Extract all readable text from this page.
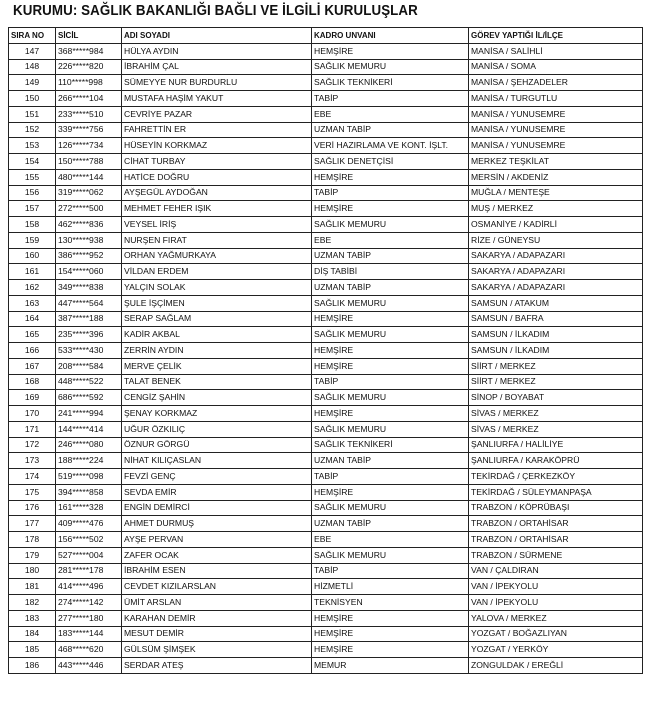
KURUMU: SAĞLIK BAKANLIĞI BAĞLI VE İLGİLİ KURULUŞLAR
SIRA NO	SİCİL	ADI SOYADI	KADRO UNVANI	GÖREV YAPTIĞI İL/İLÇE
147	368*****984	HÜLYA AYDIN	HEMŞİRE	MANİSA / SALİHLİ
148	226*****820	İBRAHİM ÇAL	SAĞLIK MEMURU	MANİSA / SOMA
149	110*****998	SÜMEYYE NUR BURDURLU	SAĞLIK TEKNİKERİ	MANİSA / ŞEHZADELER
150	266*****104	MUSTAFA HAŞİM YAKUT	TABİP	MANİSA / TURGUTLU
151	233*****510	CEVRİYE PAZAR	EBE	MANİSA / YUNUSEMRE
152	339*****756	FAHRETTİN ER	UZMAN TABİP	MANİSA / YUNUSEMRE
153	126*****734	HÜSEYİN KORKMAZ	VERİ HAZIRLAMA VE KONT. İŞLT.	MANİSA / YUNUSEMRE
154	150*****788	CİHAT TURBAY	SAĞLIK DENETÇİSİ	MERKEZ TEŞKİLAT
155	480*****144	HATİCE DOĞRU	HEMŞİRE	MERSİN / AKDENİZ
156	319*****062	AYŞEGÜL AYDOĞAN	TABİP	MUĞLA / MENTEŞE
157	272*****500	MEHMET FEHER IŞIK	HEMŞİRE	MUŞ / MERKEZ
158	462*****836	VEYSEL İRİŞ	SAĞLIK MEMURU	OSMANİYE / KADİRLİ
159	130*****938	NURŞEN FIRAT	EBE	RİZE / GÜNEYSU
160	386*****952	ORHAN YAĞMURKAYA	UZMAN TABİP	SAKARYA / ADAPAZARI
161	154*****060	VİLDAN ERDEM	DİŞ TABİBİ	SAKARYA / ADAPAZARI
162	349*****838	YALÇIN SOLAK	UZMAN TABİP	SAKARYA / ADAPAZARI
163	447*****564	ŞULE İŞÇİMEN	SAĞLIK MEMURU	SAMSUN / ATAKUM
164	387*****188	SERAP SAĞLAM	HEMŞİRE	SAMSUN / BAFRA
165	235*****396	KADİR AKBAL	SAĞLIK MEMURU	SAMSUN / İLKADIM
166	533*****430	ZERRİN AYDIN	HEMŞİRE	SAMSUN / İLKADIM
167	208*****584	MERVE ÇELİK	HEMŞİRE	SİİRT / MERKEZ
168	448*****522	TALAT BENEK	TABİP	SİİRT / MERKEZ
169	686*****592	CENGİZ ŞAHİN	SAĞLIK MEMURU	SİNOP / BOYABAT
170	241*****994	ŞENAY KORKMAZ	HEMŞİRE	SİVAS / MERKEZ
171	144*****414	UĞUR ÖZKILIÇ	SAĞLIK MEMURU	SİVAS / MERKEZ
172	246*****080	ÖZNUR GÖRGÜ	SAĞLIK TEKNİKERİ	ŞANLIURFA / HALİLİYE
173	188*****224	NİHAT KILIÇASLAN	UZMAN TABİP	ŞANLIURFA / KARAKÖPRÜ
174	519*****098	FEVZİ GENÇ	TABİP	TEKİRDAĞ / ÇERKEZKÖY
175	394*****858	SEVDA EMİR	HEMŞİRE	TEKİRDAĞ / SÜLEYMANPAŞA
176	161*****328	ENGİN DEMİRCİ	SAĞLIK MEMURU	TRABZON / KÖPRÜBAŞI
177	409*****476	AHMET DURMUŞ	UZMAN TABİP	TRABZON / ORTAHİSAR
178	156*****502	AYŞE PERVAN	EBE	TRABZON / ORTAHİSAR
179	527*****004	ZAFER OCAK	SAĞLIK MEMURU	TRABZON / SÜRMENE
180	281*****178	İBRAHİM ESEN	TABİP	VAN / ÇALDIRAN
181	414*****496	CEVDET KIZILARSLAN	HİZMETLİ	VAN / İPEKYOLU
182	274*****142	ÜMİT ARSLAN	TEKNİSYEN	VAN / İPEKYOLU
183	277*****180	KARAHAN DEMİR	HEMŞİRE	YALOVA / MERKEZ
184	183*****144	MESUT DEMİR	HEMŞİRE	YOZGAT / BOĞAZLIYAN
185	468*****620	GÜLSÜM ŞİMŞEK	HEMŞİRE	YOZGAT / YERKÖY
186	443*****446	SERDAR ATEŞ	MEMUR	ZONGULDAK / EREĞLİ
